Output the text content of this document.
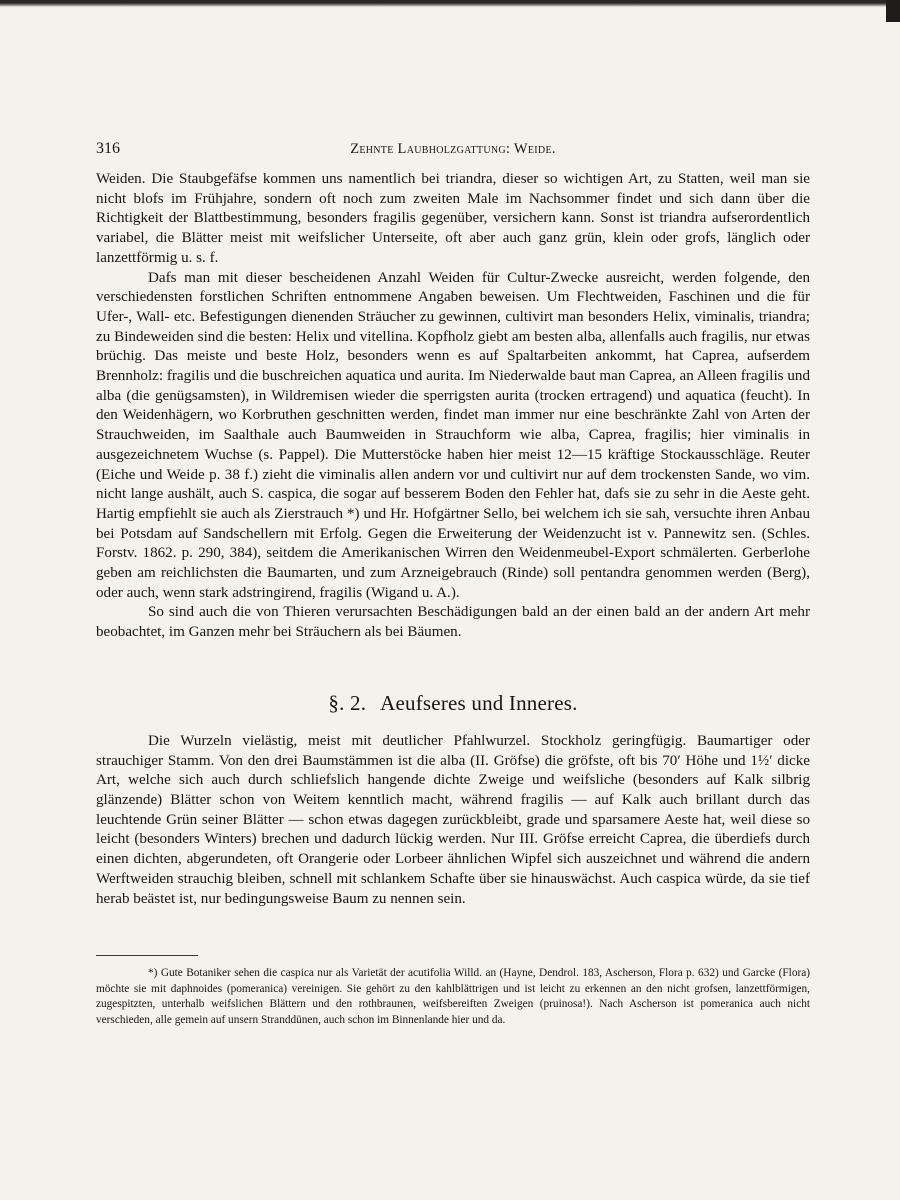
316	Zehnte Laubholzgattung: Weide.

Weiden. Die Staubgefäfse kommen uns namentlich bei triandra, dieser so wichtigen Art, zu Statten, weil man sie nicht blofs im Frühjahre, sondern oft noch zum zweiten Male im Nachsommer findet und sich dann über die Richtigkeit der Blattbestimmung, besonders fragilis gegenüber, versichern kann. Sonst ist triandra aufserordentlich variabel, die Blätter meist mit weifslicher Unterseite, oft aber auch ganz grün, klein oder grofs, länglich oder lanzettförmig u. s. f.

Dafs man mit dieser bescheidenen Anzahl Weiden für Cultur-Zwecke ausreicht, werden folgende, den verschiedensten forstlichen Schriften entnommene Angaben beweisen. Um Flechtweiden, Faschinen und die für Ufer-, Wall- etc. Befestigungen dienenden Sträucher zu gewinnen, cultivirt man besonders Helix, viminalis, triandra; zu Bindeweiden sind die besten: Helix und vitellina. Kopfholz giebt am besten alba, allenfalls auch fragilis, nur etwas brüchig. Das meiste und beste Holz, besonders wenn es auf Spaltarbeiten ankommt, hat Caprea, aufserdem Brennholz: fragilis und die buschreichen aquatica und aurita. Im Niederwalde baut man Caprea, an Alleen fragilis und alba (die genügsamsten), in Wildremisen wieder die sperrigsten aurita (trocken ertragend) und aquatica (feucht). In den Weidenhägern, wo Korbruthen geschnitten werden, findet man immer nur eine beschränkte Zahl von Arten der Strauchweiden, im Saalthale auch Baumweiden in Strauchform wie alba, Caprea, fragilis; hier viminalis in ausgezeichnetem Wuchse (s. Pappel). Die Mutterstöcke haben hier meist 12—15 kräftige Stockausschläge. Reuter (Eiche und Weide p. 38 f.) zieht die viminalis allen andern vor und cultivirt nur auf dem trockensten Sande, wo vim. nicht lange aushält, auch S. caspica, die sogar auf besserem Boden den Fehler hat, dafs sie zu sehr in die Aeste geht. Hartig empfiehlt sie auch als Zierstrauch *) und Hr. Hofgärtner Sello, bei welchem ich sie sah, versuchte ihren Anbau bei Potsdam auf Sandschellern mit Erfolg. Gegen die Erweiterung der Weidenzucht ist v. Pannewitz sen. (Schles. Forstv. 1862. p. 290, 384), seitdem die Amerikanischen Wirren den Weidenmeubel-Export schmälerten. Gerberlohe geben am reichlichsten die Baumarten, und zum Arzneigebrauch (Rinde) soll pentandra genommen werden (Berg), oder auch, wenn stark adstringirend, fragilis (Wigand u. A.).

So sind auch die von Thieren verursachten Beschädigungen bald an der einen bald an der andern Art mehr beobachtet, im Ganzen mehr bei Sträuchern als bei Bäumen.

§. 2. Aeufseres und Inneres.

Die Wurzeln vielästig, meist mit deutlicher Pfahlwurzel. Stockholz geringfügig. Baumartiger oder strauchiger Stamm. Von den drei Baumstämmen ist die alba (II. Gröfse) die gröfste, oft bis 70′ Höhe und 1½′ dicke Art, welche sich auch durch schliefslich hangende dichte Zweige und weifsliche (besonders auf Kalk silbrig glänzende) Blätter schon von Weitem kenntlich macht, während fragilis — auf Kalk auch brillant durch das leuchtende Grün seiner Blätter — schon etwas dagegen zurückbleibt, grade und sparsamere Aeste hat, weil diese so leicht (besonders Winters) brechen und dadurch lückig werden. Nur III. Gröfse erreicht Caprea, die überdiefs durch einen dichten, abgerundeten, oft Orangerie oder Lorbeer ähnlichen Wipfel sich auszeichnet und während die andern Werftweiden strauchig bleiben, schnell mit schlankem Schafte über sie hinauswächst. Auch caspica würde, da sie tief herab beästet ist, nur bedingungsweise Baum zu nennen sein.

*) Gute Botaniker sehen die caspica nur als Varietät der acutifolia Willd. an (Hayne, Dendrol. 183, Ascherson, Flora p. 632) und Garcke (Flora) möchte sie mit daphnoides (pomeranica) vereinigen. Sie gehört zu den kahlblättrigen und ist leicht zu erkennen an den nicht grofsen, lanzettförmigen, zugespitzten, unterhalb weifslichen Blättern und den rothbraunen, weifsbereiften Zweigen (pruinosa!). Nach Ascherson ist pomeranica auch nicht verschieden, alle gemein auf unsern Stranddünen, auch schon im Binnenlande hier und da.
